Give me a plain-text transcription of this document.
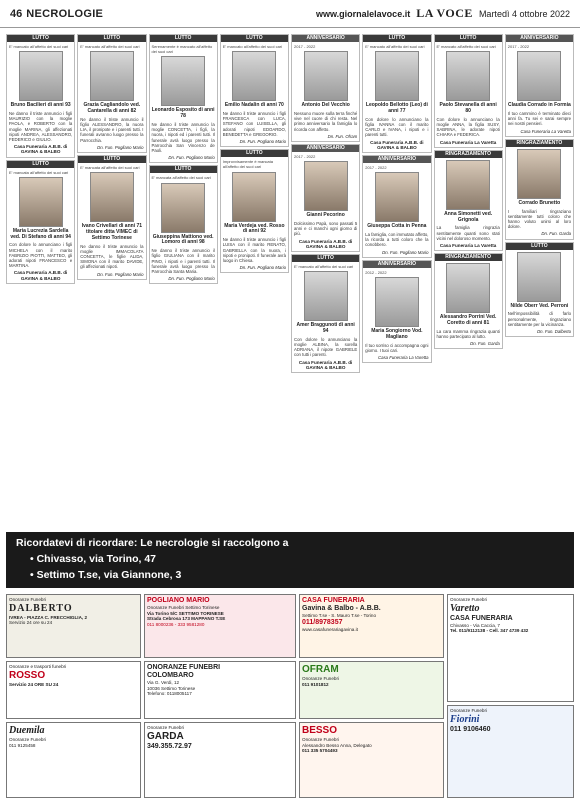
46 NECROLOGIE	www.giornalelavoce.it LA VOCE Martedì 4 ottobre 2022
LUTTO
E' mancato all'affetto dei suoi cari
Bruno Bacilieri di anni 93
Ne danno il triste annuncio i figli MAURIZIO con la moglie PAOLA, e ROBERTO con la moglie MARINA, gli affezionati nipoti ANDREA, ALESSANDRO, FEDERICO e GIULIO.
Casa Funeraria A.B.B. di GAVINA & BALBO
LUTTO
E' mancata all'affetto dei suoi cari
Maria Lucrezia Sardella ved. Di Stefano di anni 94
Con dolore lo annunciano i figli MICHELA con il marito FABRIZIO PIOTTI, MATTEO, gli adorati nipoti FRANCESCO e MARTINA.
Casa Funeraria A.B.B. di GAVINA & BALBO
LUTTO
E' mancato all'affetto dei suoi cari
Grazia Cagliandolo ved. Cantarella di anni 82
Ne danno il triste annuncio il figlio ALESSANDRO, la nuora LIA, il pronipote e i parenti tutti. I funerali avranno luogo presso la Parrocchia.
Dn. Fun. Pogliano Mario
LUTTO
E' mancata all'affetto dei suoi cari
Ivano Crivellari di anni 71 titolare ditta VIMEC di Settimo Torinese
Ne danno il triste annuncio la moglie IMMACOLATA CONCETTA, le figlie ALIDA, SIMONA con il marito DAVIDE, gli affezionati nipoti.
Dn. Fun. Pogliano Mario
LUTTO
Serenamente è mancato all'affetto dei suoi cari
Leonardo Esposito di anni 78
Ne danno il triste annuncio la moglie CONCETTA, i figli, la nuora, i nipoti ed i parenti tutti. Il funerale avrà luogo presso la Parrocchia San Vincenzo de Paoli.
Dn. Fun. Pogliano Mario
LUTTO
E' mancata all'affetto dei suoi cari
Giuseppina Mattiono ved. Lomoro di anni 98
Ne danno il triste annuncio il figlio GIULIANA con il marito PINO, i nipoti e i parenti tutti. Il funerale avrà luogo presso la Parrocchia Santa Maria.
Dn. Fun. Pogliano Mario
LUTTO
E' mancato all'affetto dei suoi cari
Emilio Nadalin di anni 70
Ne danno il triste annuncio i figli FRANCESCA con LUCA, STEFANO con LUISELLA, gli adorati nipoti EDOARDO, BENEDETTA e GREGORIO.
Dn. Fun. Pogliano Mario
LUTTO
Improvvisamente è mancata all'affetto dei suoi cari
Maria Verdeja ved. Rosso di anni 92
Ne danno il triste annuncio i figli LUISA con il marito RENATO, GABRIELLA con la nuora, i nipoti e pronipoti. Il funerale avrà luogo in Chiesa.
Dn. Fun. Pogliano Mario
ANNIVERSARIO
2017 - 2022
Antonio Del Vecchio
Nessuno muore sulla terra finché vive nel cuore di chi resta. Nel primo anniversario la famiglia lo ricorda con affetto.
Dn. Fun. Ofram
ANNIVERSARIO
2017 - 2022
Gianni Pecorino
Dolcissimo Papà, sono passati 5 anni e ci manchi ogni giorno di più.
Casa Funeraria A.B.B. di GAVINA & BALBO
LUTTO
E' mancato all'affetto dei suoi cari
Amer Braggunoti di anni 94
Con dolore lo annunciano la moglie ALBINA, la sorella ADRIANA, il nipote GABRIELE con tutti i parenti.
Casa Funeraria A.B.B. di GAVINA & BALBO
LUTTO
E' mancato all'affetto dei suoi cari
Leopoldo Bellotto (Leo) di anni 77
Con dolore lo annunciano la figlia IVANNA con il marito CARLO e IVANA, i nipoti e i parenti tutti.
Casa Funeraria A.B.B. di GAVINA & BALBO
ANNIVERSARIO
2017 - 2022
Giuseppa Cotta in Penna
La famiglia, con immutato affetto, la ricorda a tutti coloro che la conobbero.
Dn. Fun. Pogliano Mario
ANNIVERSARIO
2012 - 2022
Maria Songiorno Vod. Magliano
Il tuo sorriso ci accompagna ogni giorno. I tuoi cari.
Casa Funeraria La Varetta
LUTTO
E' mancato all'affetto dei suoi cari
Paolo Stevanella di anni 80
Con dolore lo annunciano la moglie ANNA, la figlia SUSY, SABRINA, le adorate nipoti CHIARA e FEDERICA.
Casa Funeraria La Varetta
RINGRAZIAMENTO
Anna Simonetti ved. Grignola
La famiglia ringrazia sentitamente quanti sono stati vicini nel doloroso momento.
Casa Funeraria La Varetta
RINGRAZIAMENTO
Alessandro Porrini Ved. Coretto di anni 81
La cara mamma ringrazia quanti hanno partecipato al lutto.
Dn. Fun. Garda
ANNIVERSARIO
2017 - 2022
Claudia Corrado in Formia
Il tuo cammino è terminato dieci anni fa. Tu sei e sarai sempre nei nostri pensieri.
Casa Funeraria La Varetta
RINGRAZIAMENTO
Corrado Brunetto
I familiari ringraziano sentitamente tutti coloro che hanno voluto unirsi al loro dolore.
Dn. Fun. Garda
LUTTO
Nilde Oberr Ved. Perroni
Nell'impossibilità di farlo personalmente, ringraziano sentitamente per la vicinanza.
Dn. Fun. Dalberto
Ricordatevi di ricordare: Le necrologie si raccolgono a
• Chivasso, via Torino, 47
• Settimo T.se, via Giannone, 3
Onoranze Funebri
DALBERTO
IVREA - PIAZZA C. FRECCHIGLIA, 2
Servizio 24 ore su 24
POGLIANO MARIO
Onoranze Funebri Settimo Torinese
Via Torino 5/C SETTIMO TORINESE
Strada Cebrosa 173 MAPPANO T.SE
011 8000236 - 333 9581280
CASA FUNERARIA
Gavina & Balbo - A.B.B.
Settimo T.se - S. Mauro T.se - Torino
011/8978357
www.casafunerariagavina.it
Onoranze Funebri
Varetto
CASA FUNERARIA
Chivasso - Via Caccia, 7
Tel. 011/9112138 - Cell. 347 4739 432
Onoranze e trasporti funebri
ROSSO
Servizio 24 ORE SU 24
ONORANZE FUNEBRI
COLOMBARO
Via G. Verdi, 12
10036 Settimo Torinese
Telefono: 0118005117
OFRAM
Onoranze Funebri
011 9101812
Duemila
Onoranze Funebri
011 9125458
Onoranze Funebri
GARDA
349.355.72.97
BESSO
Onoranze Funebri
Alessandro Besso Anna, Delegato
011 335 5704493
Onoranze Funebri
Fiorini
011 9106460
